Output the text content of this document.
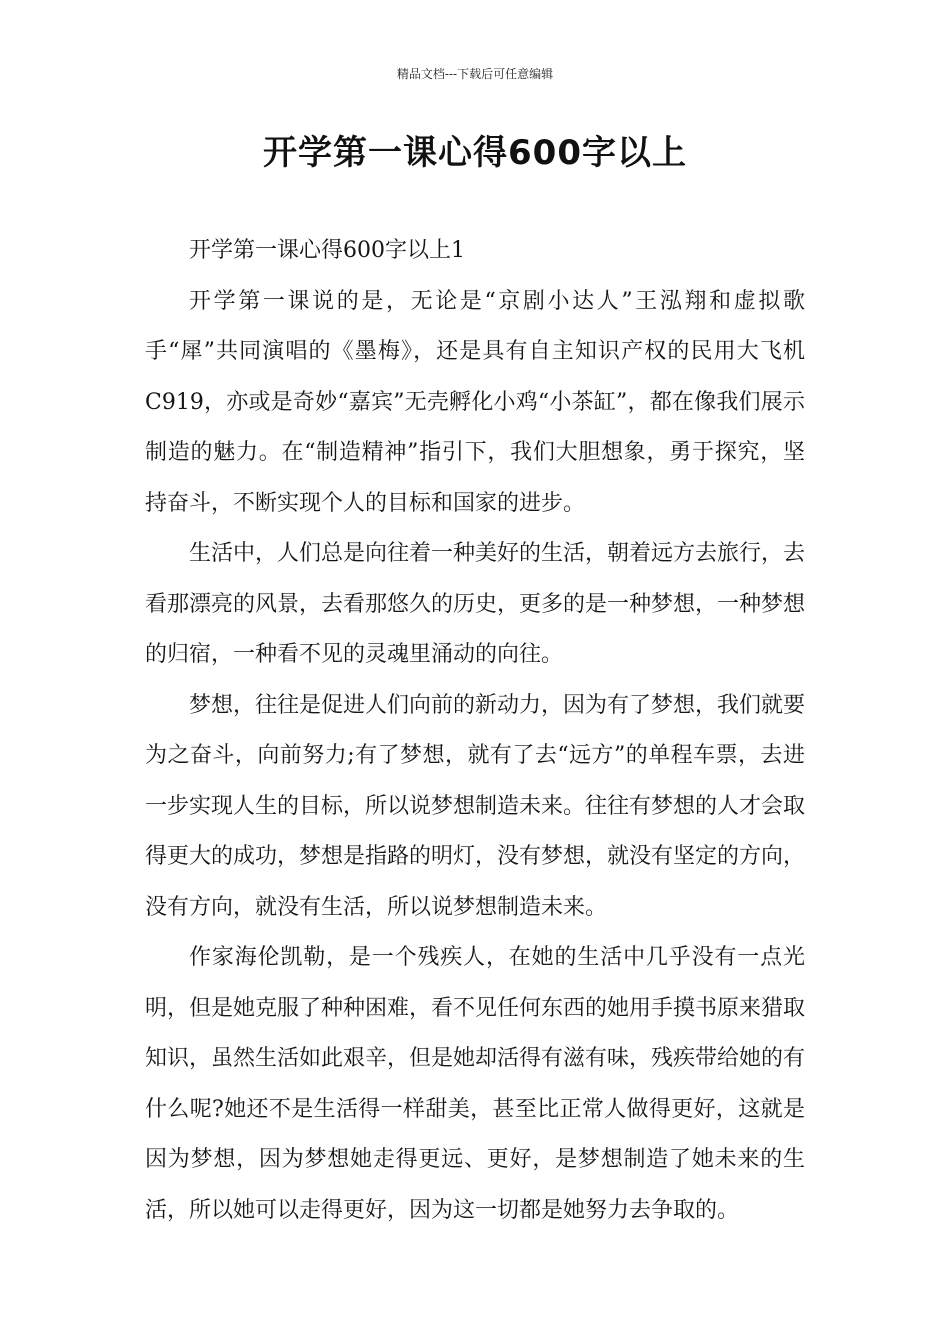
精品文档---下载后可任意编辑
开学第一课心得600字以上

开学第一课心得600字以上1

开学第一课说的是，无论是“京剧小达人”王泓翔和虚拟歌手“犀”共同演唱的《墨梅》，还是具有自主知识产权的民用大飞机C919，亦或是奇妙“嘉宾”无壳孵化小鸡“小茶缸”，都在像我们展示制造的魅力。在“制造精神”指引下，我们大胆想象，勇于探究，坚持奋斗，不断实现个人的目标和国家的进步。

生活中，人们总是向往着一种美好的生活，朝着远方去旅行，去看那漂亮的风景，去看那悠久的历史，更多的是一种梦想，一种梦想的归宿，一种看不见的灵魂里涌动的向往。

梦想，往往是促进人们向前的新动力，因为有了梦想，我们就要为之奋斗，向前努力;有了梦想，就有了去“远方”的单程车票，去进一步实现人生的目标，所以说梦想制造未来。往往有梦想的人才会取得更大的成功，梦想是指路的明灯，没有梦想，就没有坚定的方向，没有方向，就没有生活，所以说梦想制造未来。

作家海伦凯勒，是一个残疾人，在她的生活中几乎没有一点光明，但是她克服了种种困难，看不见任何东西的她用手摸书原来猎取知识，虽然生活如此艰辛，但是她却活得有滋有味，残疾带给她的有什么呢?她还不是生活得一样甜美，甚至比正常人做得更好，这就是因为梦想，因为梦想她走得更远、更好，是梦想制造了她未来的生活，所以她可以走得更好，因为这一切都是她努力去争取的。
